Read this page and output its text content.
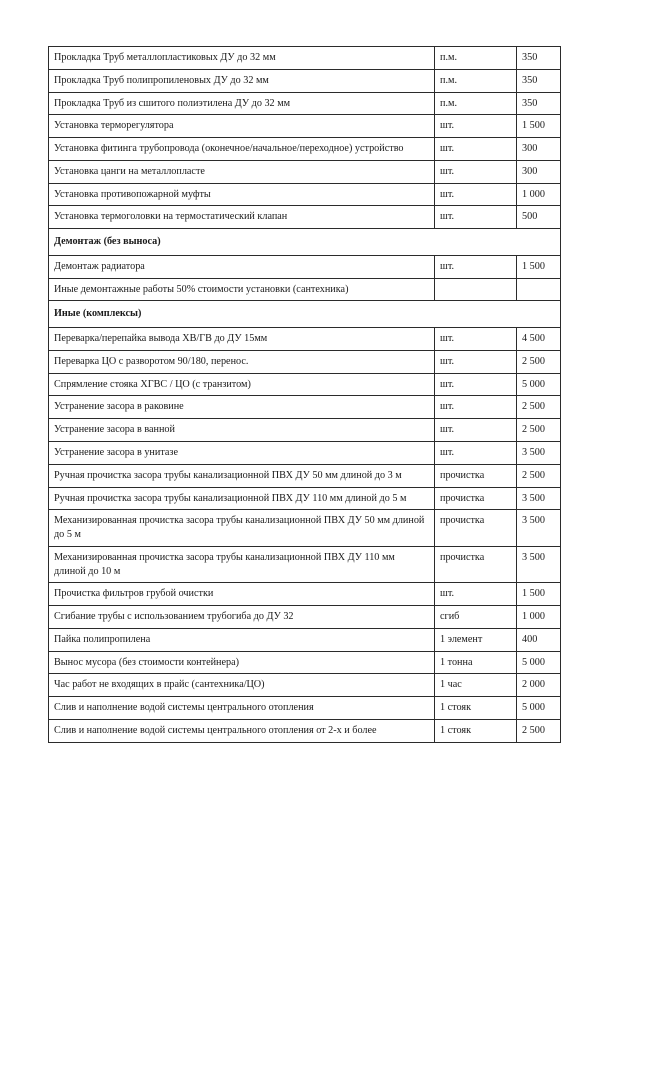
Прокладка Труб металлопластиковых ДУ до 32 мм	п.м.	350
Прокладка Труб полипропиленовых ДУ до 32 мм	п.м.	350
Прокладка Труб из сшитого полиэтилена ДУ до 32 мм	п.м.	350
Установка терморегулятора	шт.	1 500
Установка фитинга трубопровода (оконечное/начальное/переходное) устройство	шт.	300
Установка цанги на металлопласте	шт.	300
Установка противопожарной муфты	шт.	1 000
Установка термоголовки на термостатический клапан	шт.	500
Демонтаж (без выноса)		
Демонтаж радиатора	шт.	1 500
Иные демонтажные работы 50% стоимости установки (сантехника)		
Иные (комплексы)		
Переварка/перепайка вывода ХВ/ГВ до ДУ 15мм	шт.	4 500
Переварка ЦО с разворотом 90/180, перенос.	шт.	2 500
Спрямление стояка ХГВС / ЦО (с транзитом)	шт.	5 000
Устранение засора в раковине	шт.	2 500
Устранение засора в ванной	шт.	2 500
Устранение засора в унитазе	шт.	3 500
Ручная прочистка засора трубы канализационной ПВХ ДУ 50 мм длиной до 3 м	прочистка	2 500
Ручная прочистка засора трубы канализационной ПВХ ДУ 110 мм длиной до 5 м	прочистка	3 500
Механизированная прочистка засора трубы канализационной ПВХ ДУ 50 мм длиной до 5 м	прочистка	3 500
Механизированная прочистка засора трубы канализационной ПВХ ДУ 110 мм длиной до 10 м	прочистка	3 500
Прочистка фильтров грубой очистки	шт.	1 500
Сгибание трубы с использованием трубогиба до ДУ 32	сгиб	1 000
Пайка полипропилена	1 элемент	400
Вынос мусора (без стоимости контейнера)	1 тонна	5 000
Час работ не входящих в прайс (сантехника/ЦО)	1 час	2 000
Слив и наполнение водой системы центрального отопления	1 стояк	5 000
Слив и наполнение водой системы центрального отопления от 2-х и более	1 стояк	2 500
